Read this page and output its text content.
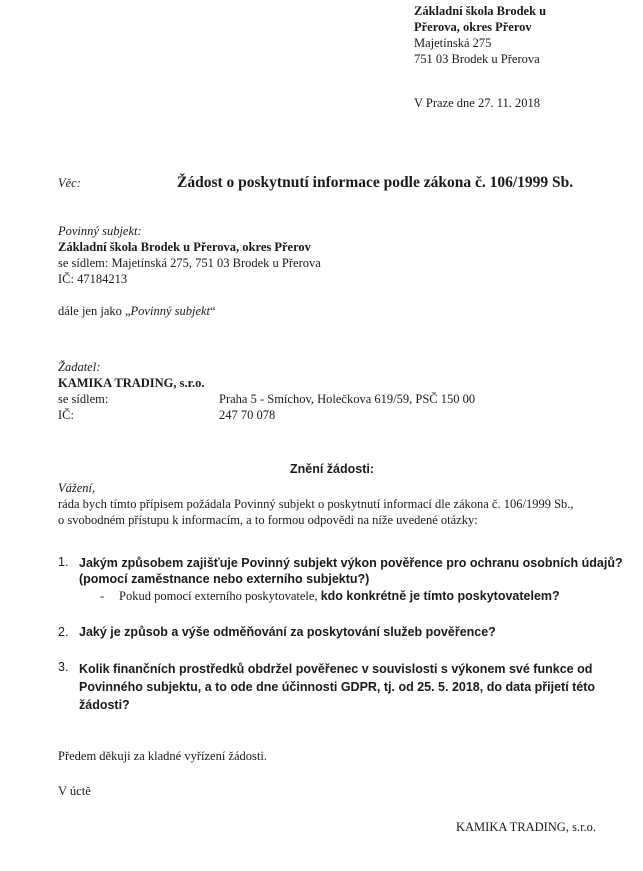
Základní škola Brodek u
Přerova, okres Přerov
Majetínská 275
751 03 Brodek u Přerova
V Praze dne 27. 11. 2018
Věc:	Žádost o poskytnutí informace podle zákona č. 106/1999 Sb.
Povinný subjekt:
Základní škola Brodek u Přerova, okres Přerov
se sídlem: Majetínská 275, 751 03 Brodek u Přerova
IČ: 47184213
dále jen jako „Povinný subjekt“
Žadatel:
KAMIKA TRADING, s.r.o.
se sídlem:
IČ:
Praha 5 - Smíchov, Holečkova 619/59, PSČ 150 00
247 70 078
Znění žádosti:
Vážení,
ráda bych tímto přípisem požádala Povinný subjekt o poskytnutí informací dle zákona č. 106/1999 Sb.,
o svobodném přístupu k informacím, a to formou odpovědi na níže uvedené otázky:
1. Jakým způsobem zajišťuje Povinný subjekt výkon pověřence pro ochranu osobních údajů?
(pomocí zaměstnance nebo externího subjektu?)
- Pokud pomocí externího poskytovatele, kdo konkrétně je tímto poskytovatelem?
2. Jaký je způsob a výše odměňování za poskytování služeb pověřence?
3. Kolik finančních prostředků obdržel pověřenec v souvislosti s výkonem své funkce od
Povinného subjektu, a to ode dne účinnosti GDPR, tj. od 25. 5. 2018, do data přijetí této
žádosti?
Předem děkuji za kladné vyřízení žádosti.
V úctě
KAMIKA TRADING, s.r.o.
